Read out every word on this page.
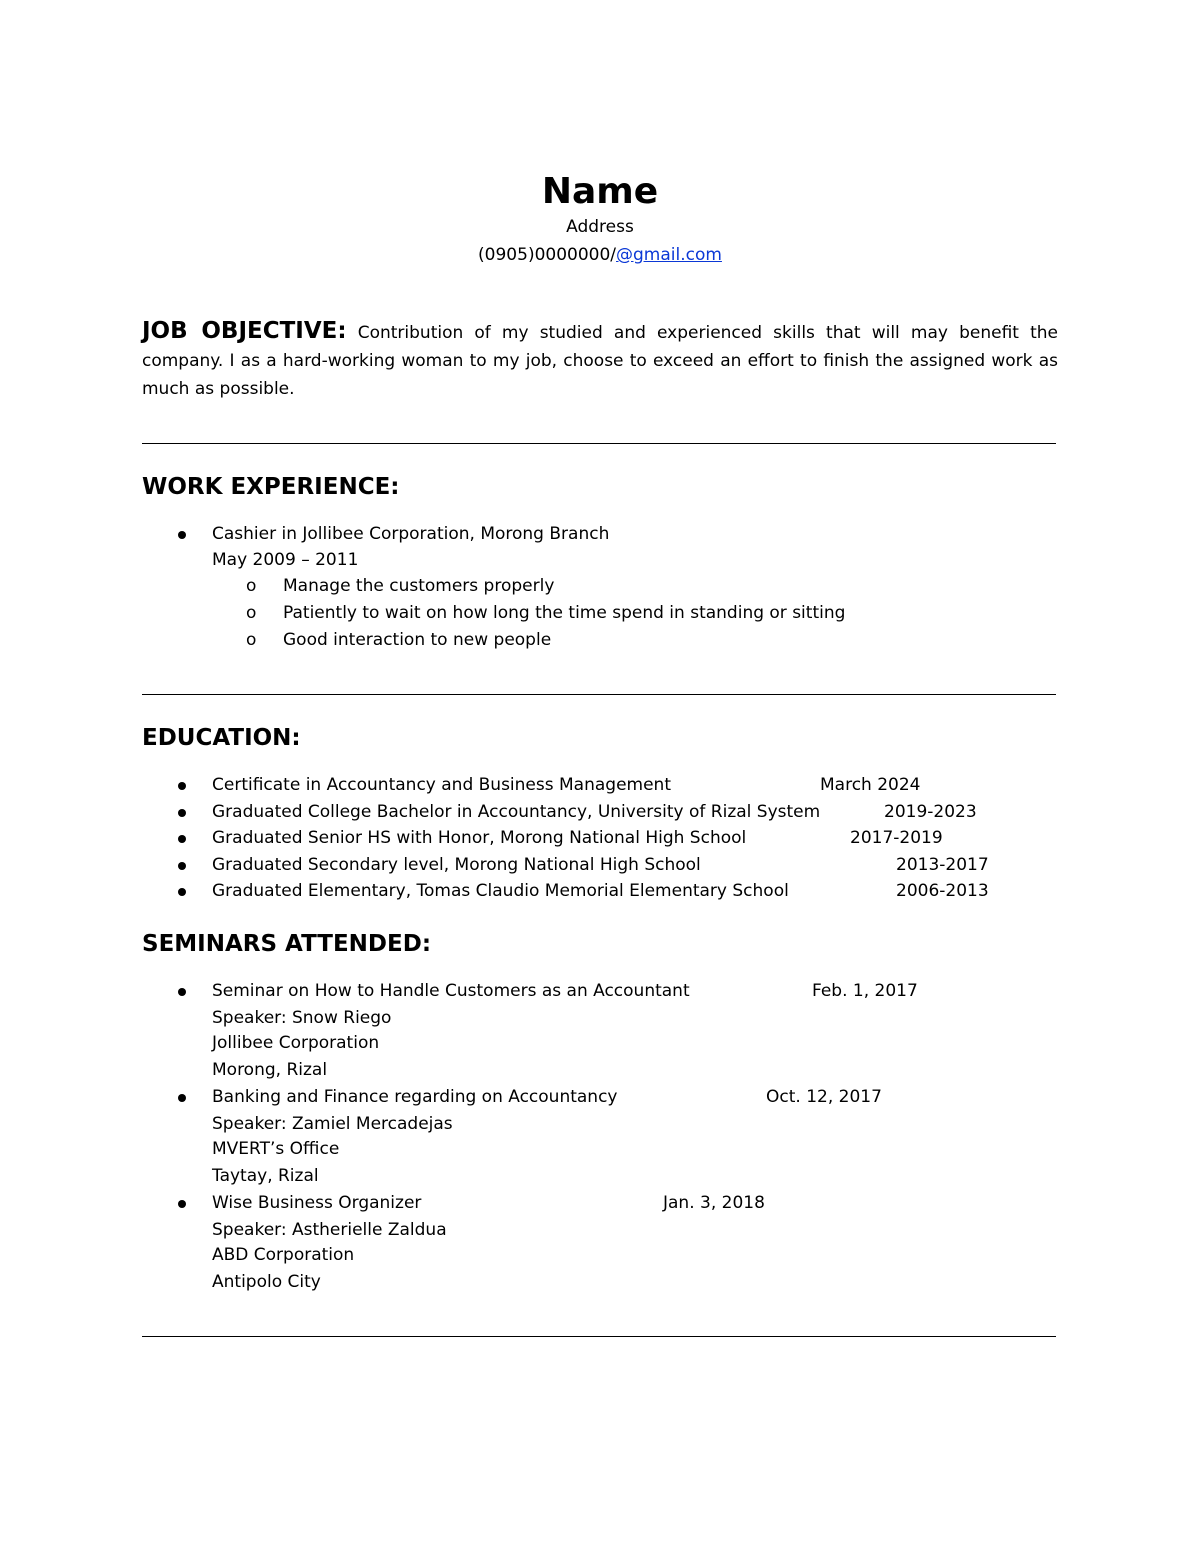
Name
Address
(0905)0000000/@gmail.com
JOB OBJECTIVE: Contribution of my studied and experienced skills that will may benefit the company. I as a hard-working woman to my job, choose to exceed an effort to finish the assigned work as much as possible.
WORK EXPERIENCE:
Cashier in Jollibee Corporation, Morong Branch
May 2009 – 2011
o Manage the customers properly
o Patiently to wait on how long the time spend in standing or sitting
o Good interaction to new people
EDUCATION:
Certificate in Accountancy and Business Management	March 2024
Graduated College Bachelor in Accountancy, University of Rizal System	2019-2023
Graduated Senior HS with Honor, Morong National High School	2017-2019
Graduated Secondary level, Morong National High School	2013-2017
Graduated Elementary, Tomas Claudio Memorial Elementary School	2006-2013
SEMINARS ATTENDED:
Seminar on How to Handle Customers as an Accountant	Feb. 1, 2017
Speaker: Snow Riego
Jollibee Corporation
Morong, Rizal
Banking and Finance regarding on Accountancy	Oct. 12, 2017
Speaker: Zamiel Mercadejas
MVERT’s Office
Taytay, Rizal
Wise Business Organizer	Jan. 3, 2018
Speaker: Astherielle Zaldua
ABD Corporation
Antipolo City
